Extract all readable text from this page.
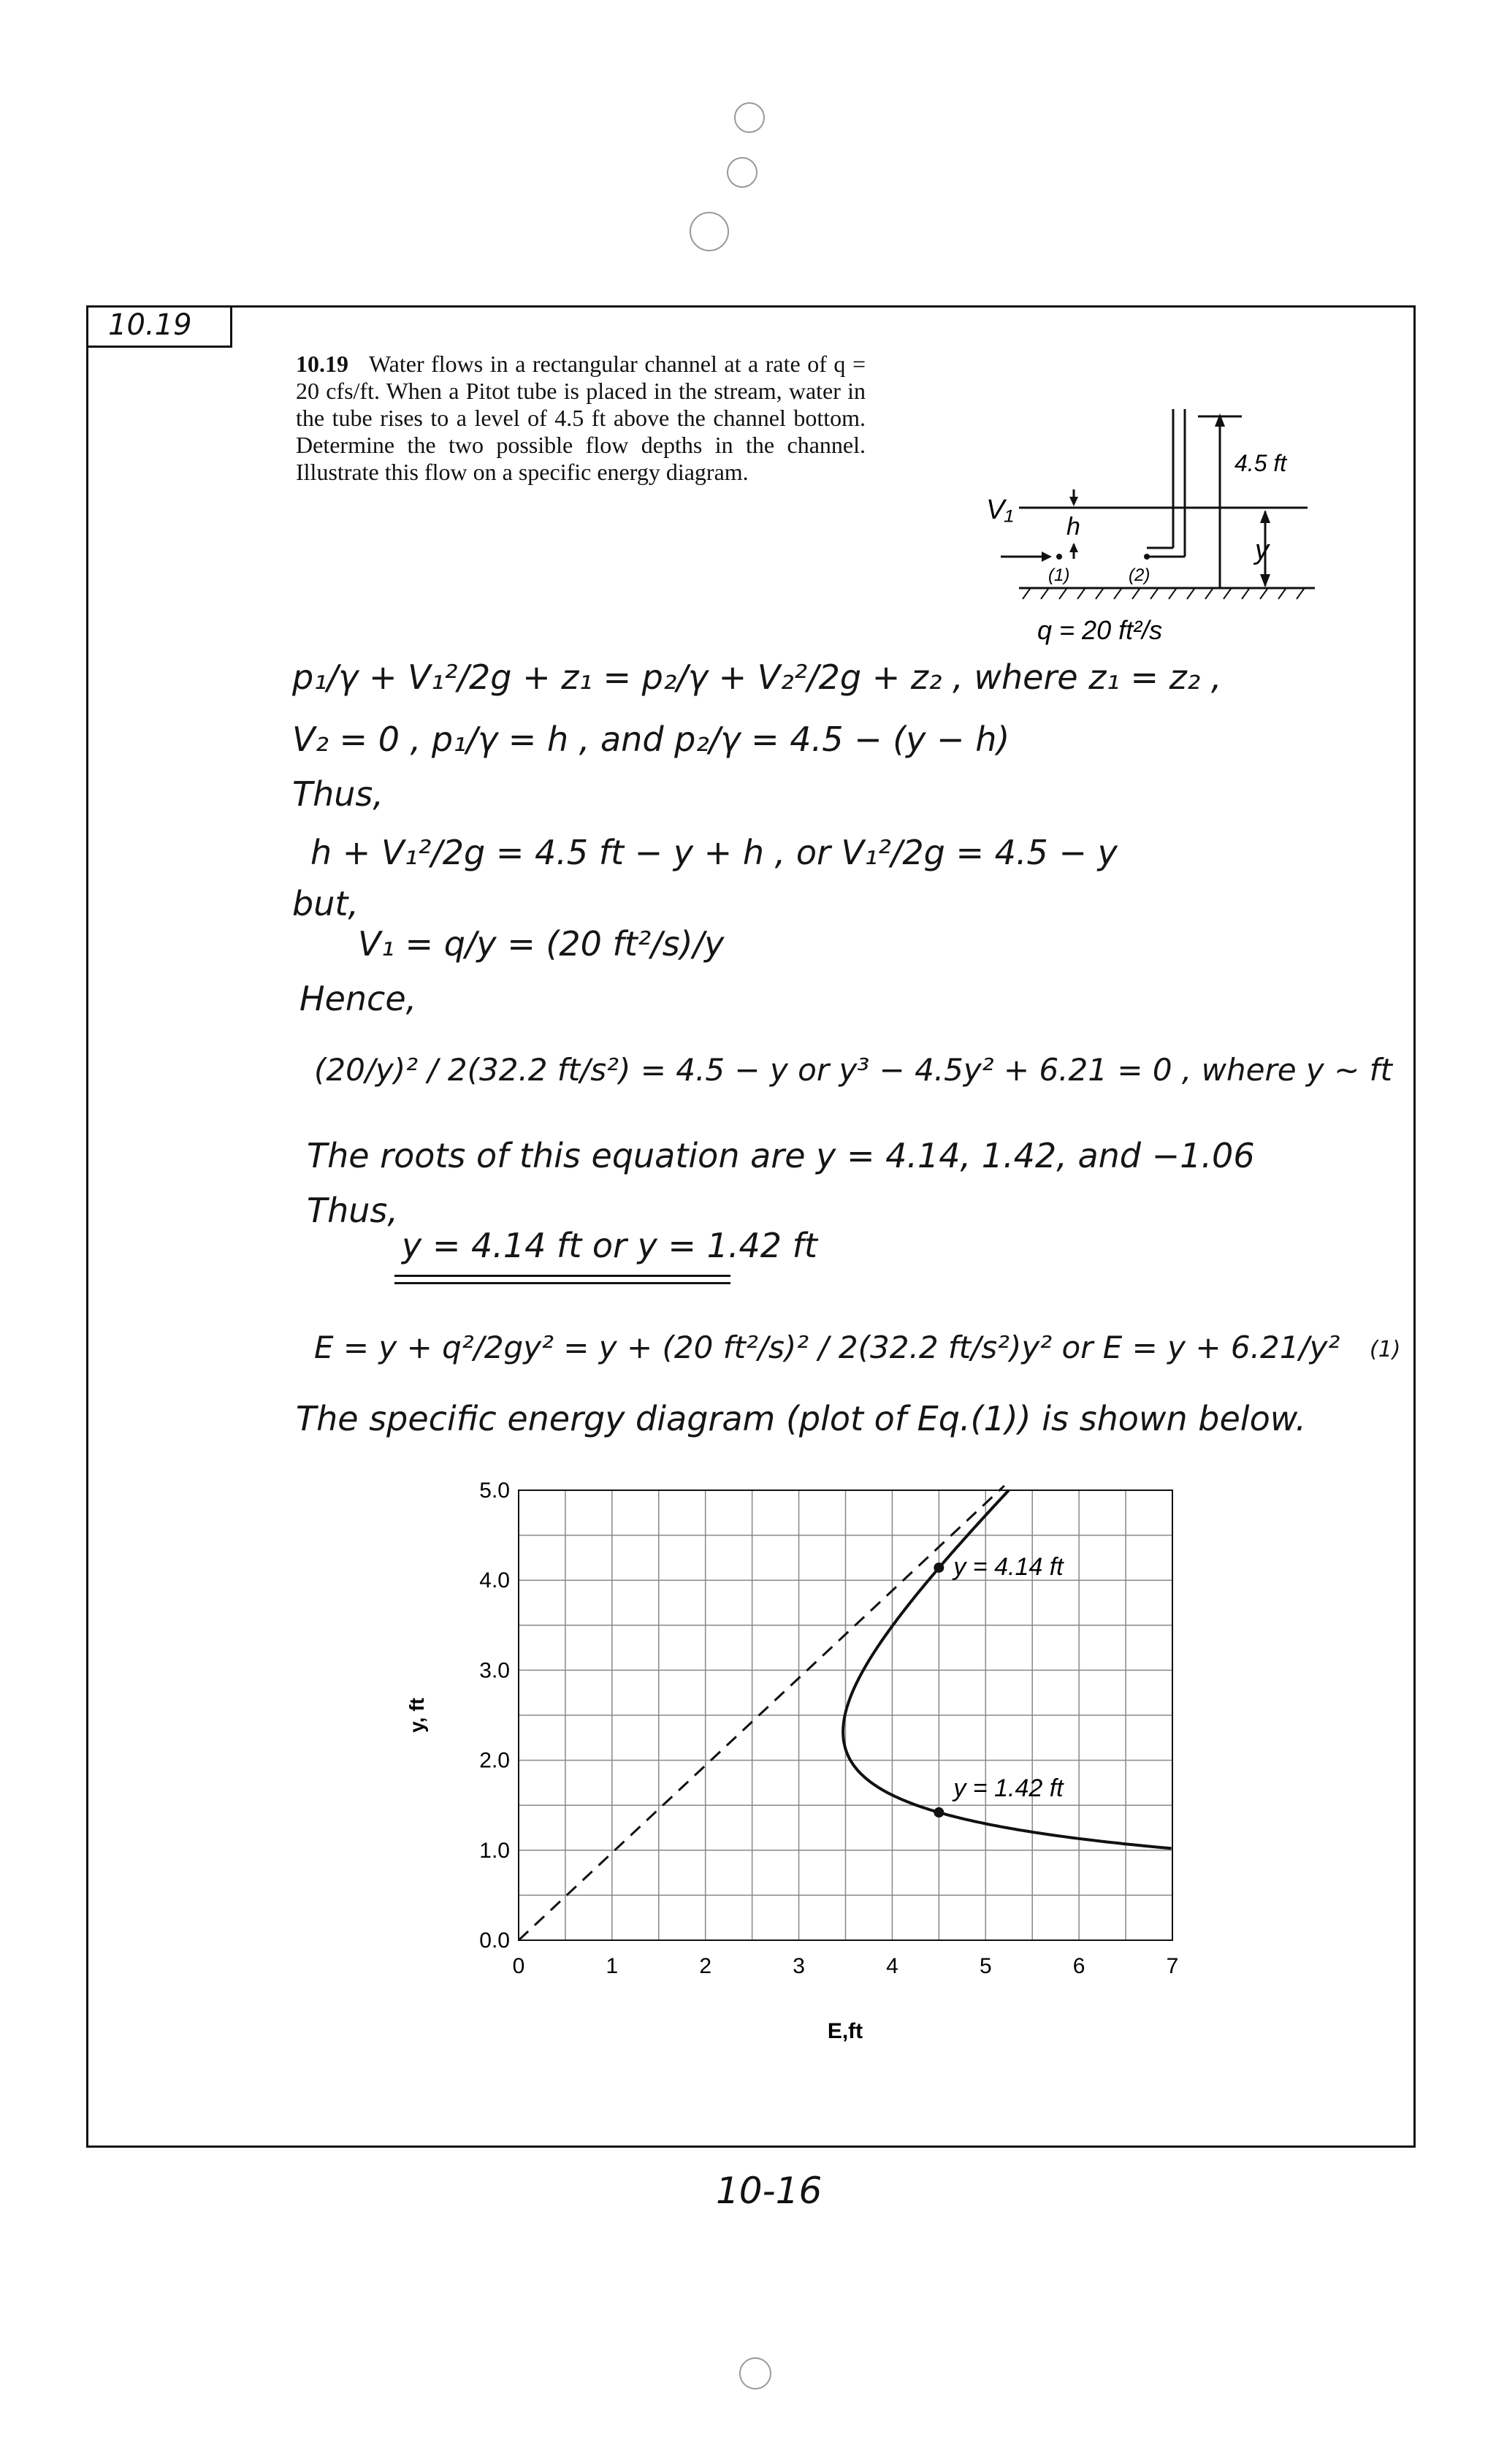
10.19
10.19 Water flows in a rectangular channel at a rate of q = 20 cfs/ft. When a Pitot tube is placed in the stream, water in the tube rises to a level of 4.5 ft above the channel bottom. Determine the two possible flow depths in the channel. Illustrate this flow on a specific energy diagram.	4.5 ft
V₁
h
(1)	(2)
y
q = 20 ft²/s
p₁/γ + V₁²/2g + z₁ = p₂/γ + V₂²/2g + z₂ , where z₁ = z₂ ,
V₂ = 0 , p₁/γ = h , and p₂/γ = 4.5 − (y − h)
Thus,
h + V₁²/2g = 4.5 ft − y + h , or V₁²/2g = 4.5 − y
but,
V₁ = q/y = (20 ft²/s)/y
Hence,
(20/y)² / 2(32.2 ft/s²) = 4.5 − y or y³ − 4.5y² + 6.21 = 0 , where y ~ ft
The roots of this equation are y = 4.14, 1.42, and −1.06
Thus,
y = 4.14 ft or y = 1.42 ft
E = y + q²/2gy² = y + (20 ft²/s)² / 2(32.2 ft/s²)y² or E = y + 6.21/y² (1)
The specific energy diagram (plot of Eq.(1)) is shown below.
0	1	2	3	4	5	6	7
0.0
1.0
2.0
3.0
4.0
5.0
y = 4.14 ft
y = 1.42 ft
E,ft
y, ft
10-16
